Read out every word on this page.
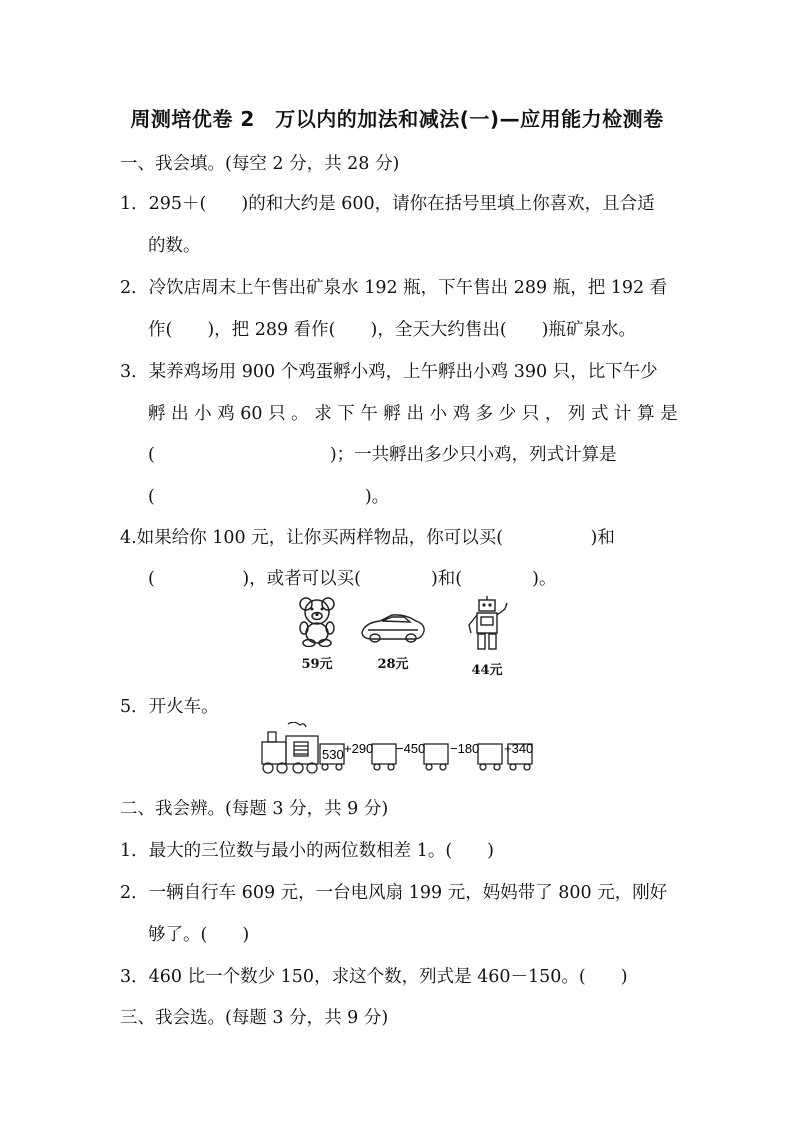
周测培优卷 2　万以内的加法和减法(一)—应用能力检测卷
一、我会填。(每空 2 分，共 28 分)
1．295＋(　　)的和大约是 600，请你在括号里填上你喜欢，且合适
的数。
2．冷饮店周末上午售出矿泉水 192 瓶，下午售出 289 瓶，把 192 看
作(　　)，把 289 看作(　　)，全天大约售出(　　)瓶矿泉水。
3．某养鸡场用 900 个鸡蛋孵小鸡，上午孵出小鸡 390 只，比下午少
孵 出 小 鸡 60 只 。 求 下 午 孵 出 小 鸡 多 少 只 ， 列 式 计 算 是
(　　　　　　　　　　)；一共孵出多少只小鸡，列式计算是
(　　　　　　　　　　　　)。
4.如果给你 100 元，让你买两样物品，你可以买(　　　　　)和
(　　　　　)，或者可以买(　　　　)和(　　　　)。
59元	28元	44元
5．开火车。
530 +290 −450 −180 +340
二、我会辨。(每题 3 分，共 9 分)
1．最大的三位数与最小的两位数相差 1。(　　)
2．一辆自行车 609 元，一台电风扇 199 元，妈妈带了 800 元，刚好
够了。(　　)
3．460 比一个数少 150，求这个数，列式是 460－150。(　　)
三、我会选。(每题 3 分，共 9 分)
